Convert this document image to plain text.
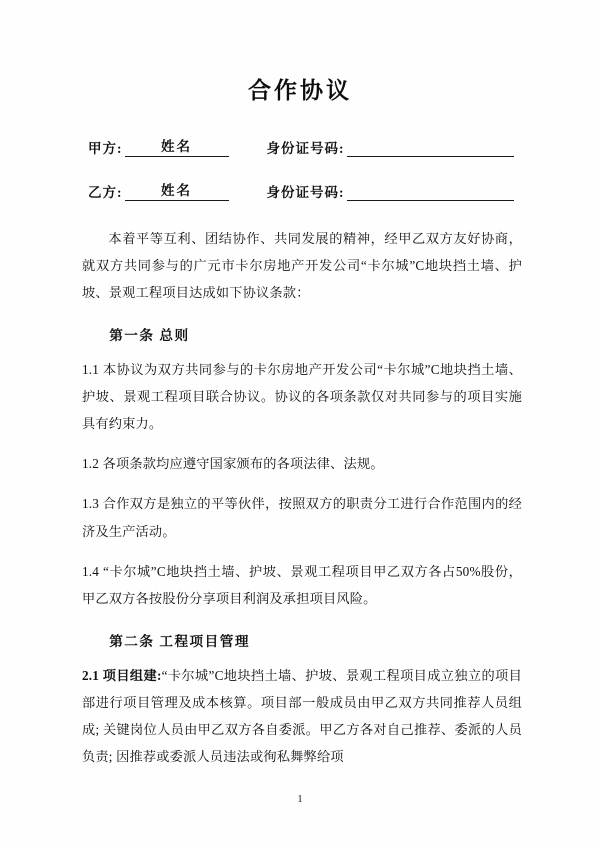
合作协议
甲方:	姓名	身份证号码:
乙方:	姓名	身份证号码:

本着平等互利、团结协作、共同发展的精神，经甲乙双方友好协商，就双方共同参与的广元市卡尔房地产开发公司“卡尔城”C地块挡土墙、护坡、景观工程项目达成如下协议条款：

第一条 总则

1.1 本协议为双方共同参与的卡尔房地产开发公司“卡尔城”C地块挡土墙、护坡、景观工程项目联合协议。协议的各项条款仅对共同参与的项目实施具有约束力。

1.2 各项条款均应遵守国家颁布的各项法律、法规。

1.3 合作双方是独立的平等伙伴，按照双方的职责分工进行合作范围内的经济及生产活动。

1.4 “卡尔城”C地块挡土墙、护坡、景观工程项目甲乙双方各占50%股份，甲乙双方各按股份分享项目利润及承担项目风险。

第二条 工程项目管理

2.1 项目组建:“卡尔城”C地块挡土墙、护坡、景观工程项目成立独立的项目部进行项目管理及成本核算。项目部一般成员由甲乙双方共同推荐人员组成; 关键岗位人员由甲乙双方各自委派。甲乙方各对自己推荐、委派的人员负责; 因推荐或委派人员违法或徇私舞弊给项

1
